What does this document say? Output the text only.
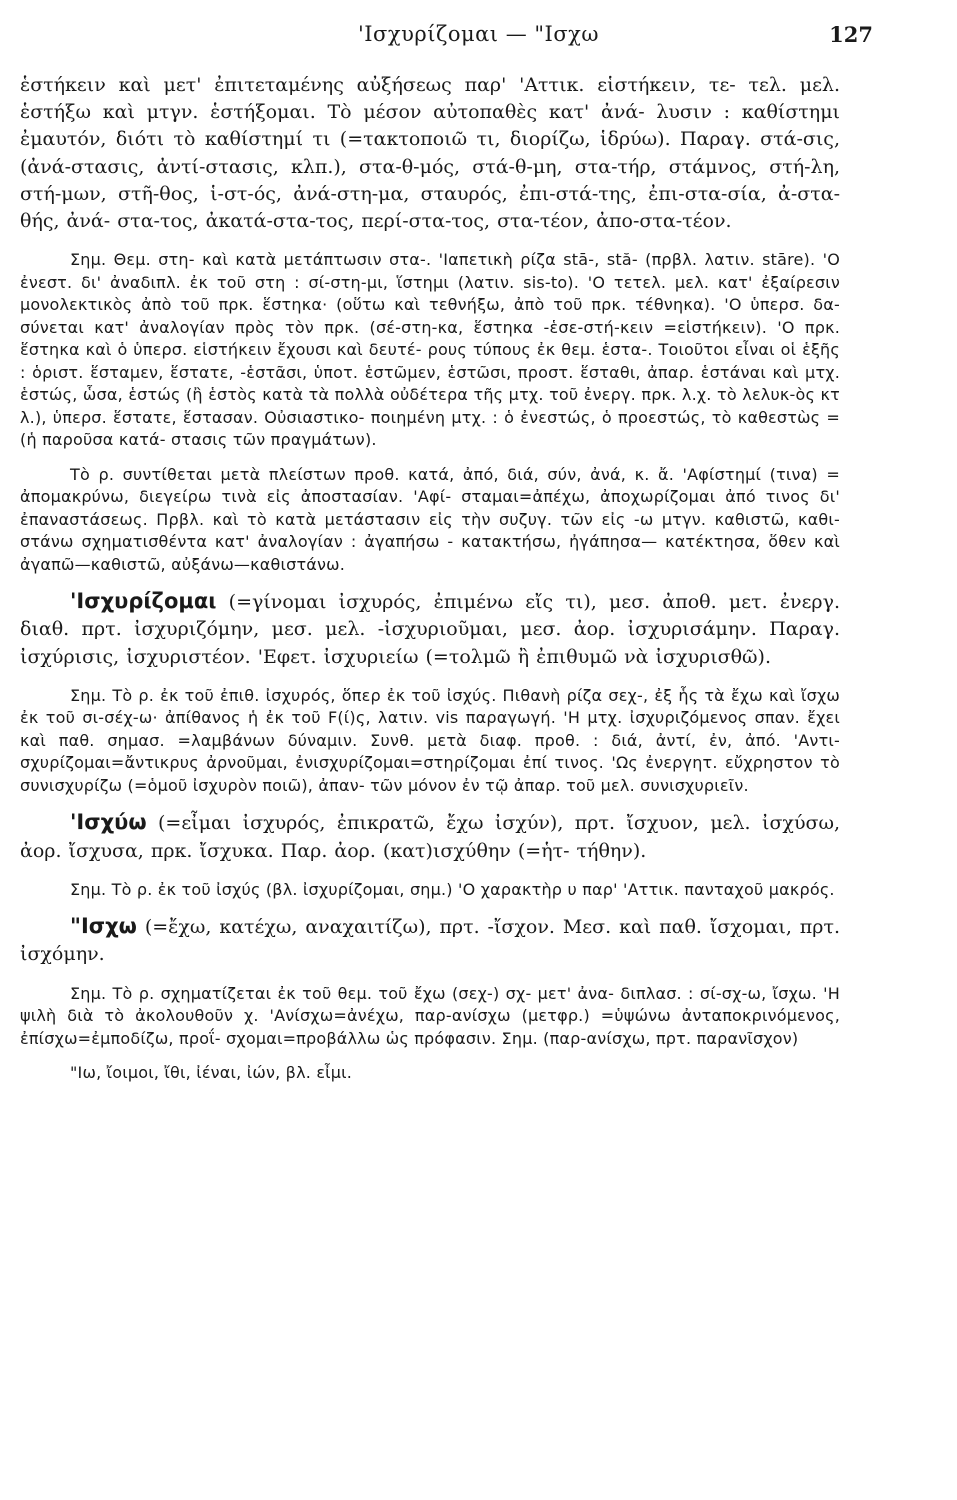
'Ισχυρίζομαι — "Ισχω	127

ἑστήκειν καὶ μετ' ἐπιτεταμένης αὐξήσεως παρ' 'Αττικ. εἱστήκειν, τε- τελ. μελ. ἑστήξω καὶ μτγν. ἑστήξομαι. Τὸ μέσον αὐτοπαθὲς κατ' ἀνά- λυσιν : καθίστημι ἐμαυτόν, διότι τὸ καθίστημί τι (=τακτοποιῶ τι, διορίζω, ἱδρύω). Παραγ. στά-σις, (ἀνά-στασις, ἀντί-στασις, κλπ.), στα-θ-μός, στά-θ-μη, στα-τήρ, στάμνος, στή-λη, στή-μων, στῆ-θος, ἱ-στ-ός, ἀνά-στη-μα, σταυρός, ἐπι-στά-της, ἐπι-στα-σία, ἀ-στα-θής, ἀνά- στα-τος, ἀκατά-στα-τος, περί-στα-τος, στα-τέον, ἀπο-στα-τέον.

Σημ. Θεμ. στη- καὶ κατὰ μετάπτωσιν στα-. 'Ιαπετικὴ ρίζα stā-, stă- (πρβλ. λατιν. stāre). 'Ο ἐνεστ. δι' ἀναδιπλ. ἐκ τοῦ στη : σί-στη-μι, ἵστημι (λατιν. sis-to). 'Ο τετελ. μελ. κατ' ἐξαίρεσιν μονολεκτικὸς ἀπὸ τοῦ πρκ. ἕστηκα· (οὕτω καὶ τεθνήξω, ἀπὸ τοῦ πρκ. τέθνηκα). 'Ο ὑπερσ. δα- σύνεται κατ' ἀναλογίαν πρὸς τὸν πρκ. (σέ-στη-κα, ἕστηκα -ἑσε-στή-κειν =εἱστήκειν). 'Ο πρκ. ἕστηκα καὶ ὁ ὑπερσ. εἱστήκειν ἔχουσι καὶ δευτέ- ρους τύπους ἐκ θεμ. ἑστα-. Τοιοῦτοι εἶναι οἱ ἑξῆς : ὁριστ. ἕσταμεν, ἕστατε, -ἑστᾶσι, ὑποτ. ἑστῶμεν, ἑστῶσι, προστ. ἕσταθι, ἀπαρ. ἑστάναι καὶ μτχ. ἑστώς, ὧσα, ἑστώς (ἢ ἑστὸς κατὰ τὰ πολλὰ οὐδέτερα τῆς μτχ. τοῦ ἐνεργ. πρκ. λ.χ. τὸ λελυκ-ὸς κτ λ.), ὑπερσ. ἕστατε, ἕστασαν. Οὐσιαστικο- ποιημένη μτχ. : ὁ ἐνεστώς, ὁ προεστώς, τὸ καθεστὼς =(ἡ παροῦσα κατά- στασις τῶν πραγμάτων).

Τὸ ρ. συντίθεται μετὰ πλείστων προθ. κατά, ἀπό, διά, σύν, ἀνά, κ. ἄ. 'Αφίστημί (τινα) = ἀπομακρύνω, διεγείρω τινὰ εἰς ἀποστασίαν. 'Αφί- σταμαι=ἀπέχω, ἀποχωρίζομαι ἀπό τινος δι' ἐπαναστάσεως. Πρβλ. καὶ τὸ κατὰ μετάστασιν εἰς τὴν συζυγ. τῶν εἰς -ω μτγν. καθιστῶ, καθι- στάνω σχηματισθέντα κατ' ἀναλογίαν : ἀγαπήσω - κατακτήσω, ἠγάπησα— κατέκτησα, ὅθεν καὶ ἀγαπῶ—καθιστῶ, αὐξάνω—καθιστάνω.

'Ισχυρίζομαι (=γίνομαι ἰσχυρός, ἐπιμένω εἴς τι), μεσ. ἀποθ. μετ. ἐνεργ. διαθ. πρτ. ἰσχυριζόμην, μεσ. μελ. -ἰσχυριοῦμαι, μεσ. ἀορ. ἰσχυρισάμην. Παραγ. ἰσχύρισις, ἰσχυριστέον. 'Εφετ. ἰσχυριείω (=τολμῶ ἢ ἐπιθυμῶ νὰ ἰσχυρισθῶ).

Σημ. Τὸ ρ. ἐκ τοῦ ἐπιθ. ἰσχυρός, ὅπερ ἐκ τοῦ ἰσχύς. Πιθανὴ ρίζα σεχ-, ἐξ ἧς τὰ ἔχω καὶ ἴσχω ἐκ τοῦ σι-σέχ-ω· ἀπίθανος ἡ ἐκ τοῦ F(ί)ς, λατιν. vis παραγωγή. 'Η μτχ. ἰσχυριζόμενος σπαν. ἔχει καὶ παθ. σημασ. =λαμβάνων δύναμιν. Συνθ. μετὰ διαφ. προθ. : διά, ἀντί, ἐν, ἀπό. 'Αντι- σχυρίζομαι=ἄντικρυς ἀρνοῦμαι, ἐνισχυρίζομαι=στηρίζομαι ἐπί τινος. 'Ως ἐνεργητ. εὔχρηστον τὸ συνισχυρίζω (=ὁμοῦ ἰσχυρὸν ποιῶ), ἀπαν- τῶν μόνον ἐν τῷ ἀπαρ. τοῦ μελ. συνισχυριεῖν.

'Ισχύω (=εἶμαι ἰσχυρός, ἐπικρατῶ, ἔχω ἰσχύν), πρτ. ἴσχυον, μελ. ἰσχύσω, ἀορ. ἴσχυσα, πρκ. ἴσχυκα. Παρ. ἀορ. (κατ)ισχύθην (=ἡτ- τήθην).

Σημ. Τὸ ρ. ἐκ τοῦ ἰσχύς (βλ. ἰσχυρίζομαι, σημ.) 'Ο χαρακτὴρ υ παρ' 'Αττικ. πανταχοῦ μακρός.

"Ισχω (=ἔχω, κατέχω, αναχαιτίζω), πρτ. -ἴσχον. Μεσ. καὶ παθ. ἴσχομαι, πρτ. ἰσχόμην.

Σημ. Τὸ ρ. σχηματίζεται ἐκ τοῦ θεμ. τοῦ ἔχω (σεχ-) σχ- μετ' ἀνα- διπλασ. : σί-σχ-ω, ἴσχω. 'Η ψιλὴ διὰ τὸ ἀκολουθοῦν χ. 'Ανίσχω=ἀνέχω, παρ-ανίσχω (μετφρ.) =ὑψώνω ἀνταποκρινόμενος, ἐπίσχω=ἐμποδίζω, προΐ- σχομαι=προβάλλω ὡς πρόφασιν. Σημ. (παρ-ανίσχω, πρτ. παρανῖσχον)

"Ιω, ἴοιμοι, ἴθι, ἰέναι, ἰών, βλ. εἶμι.
